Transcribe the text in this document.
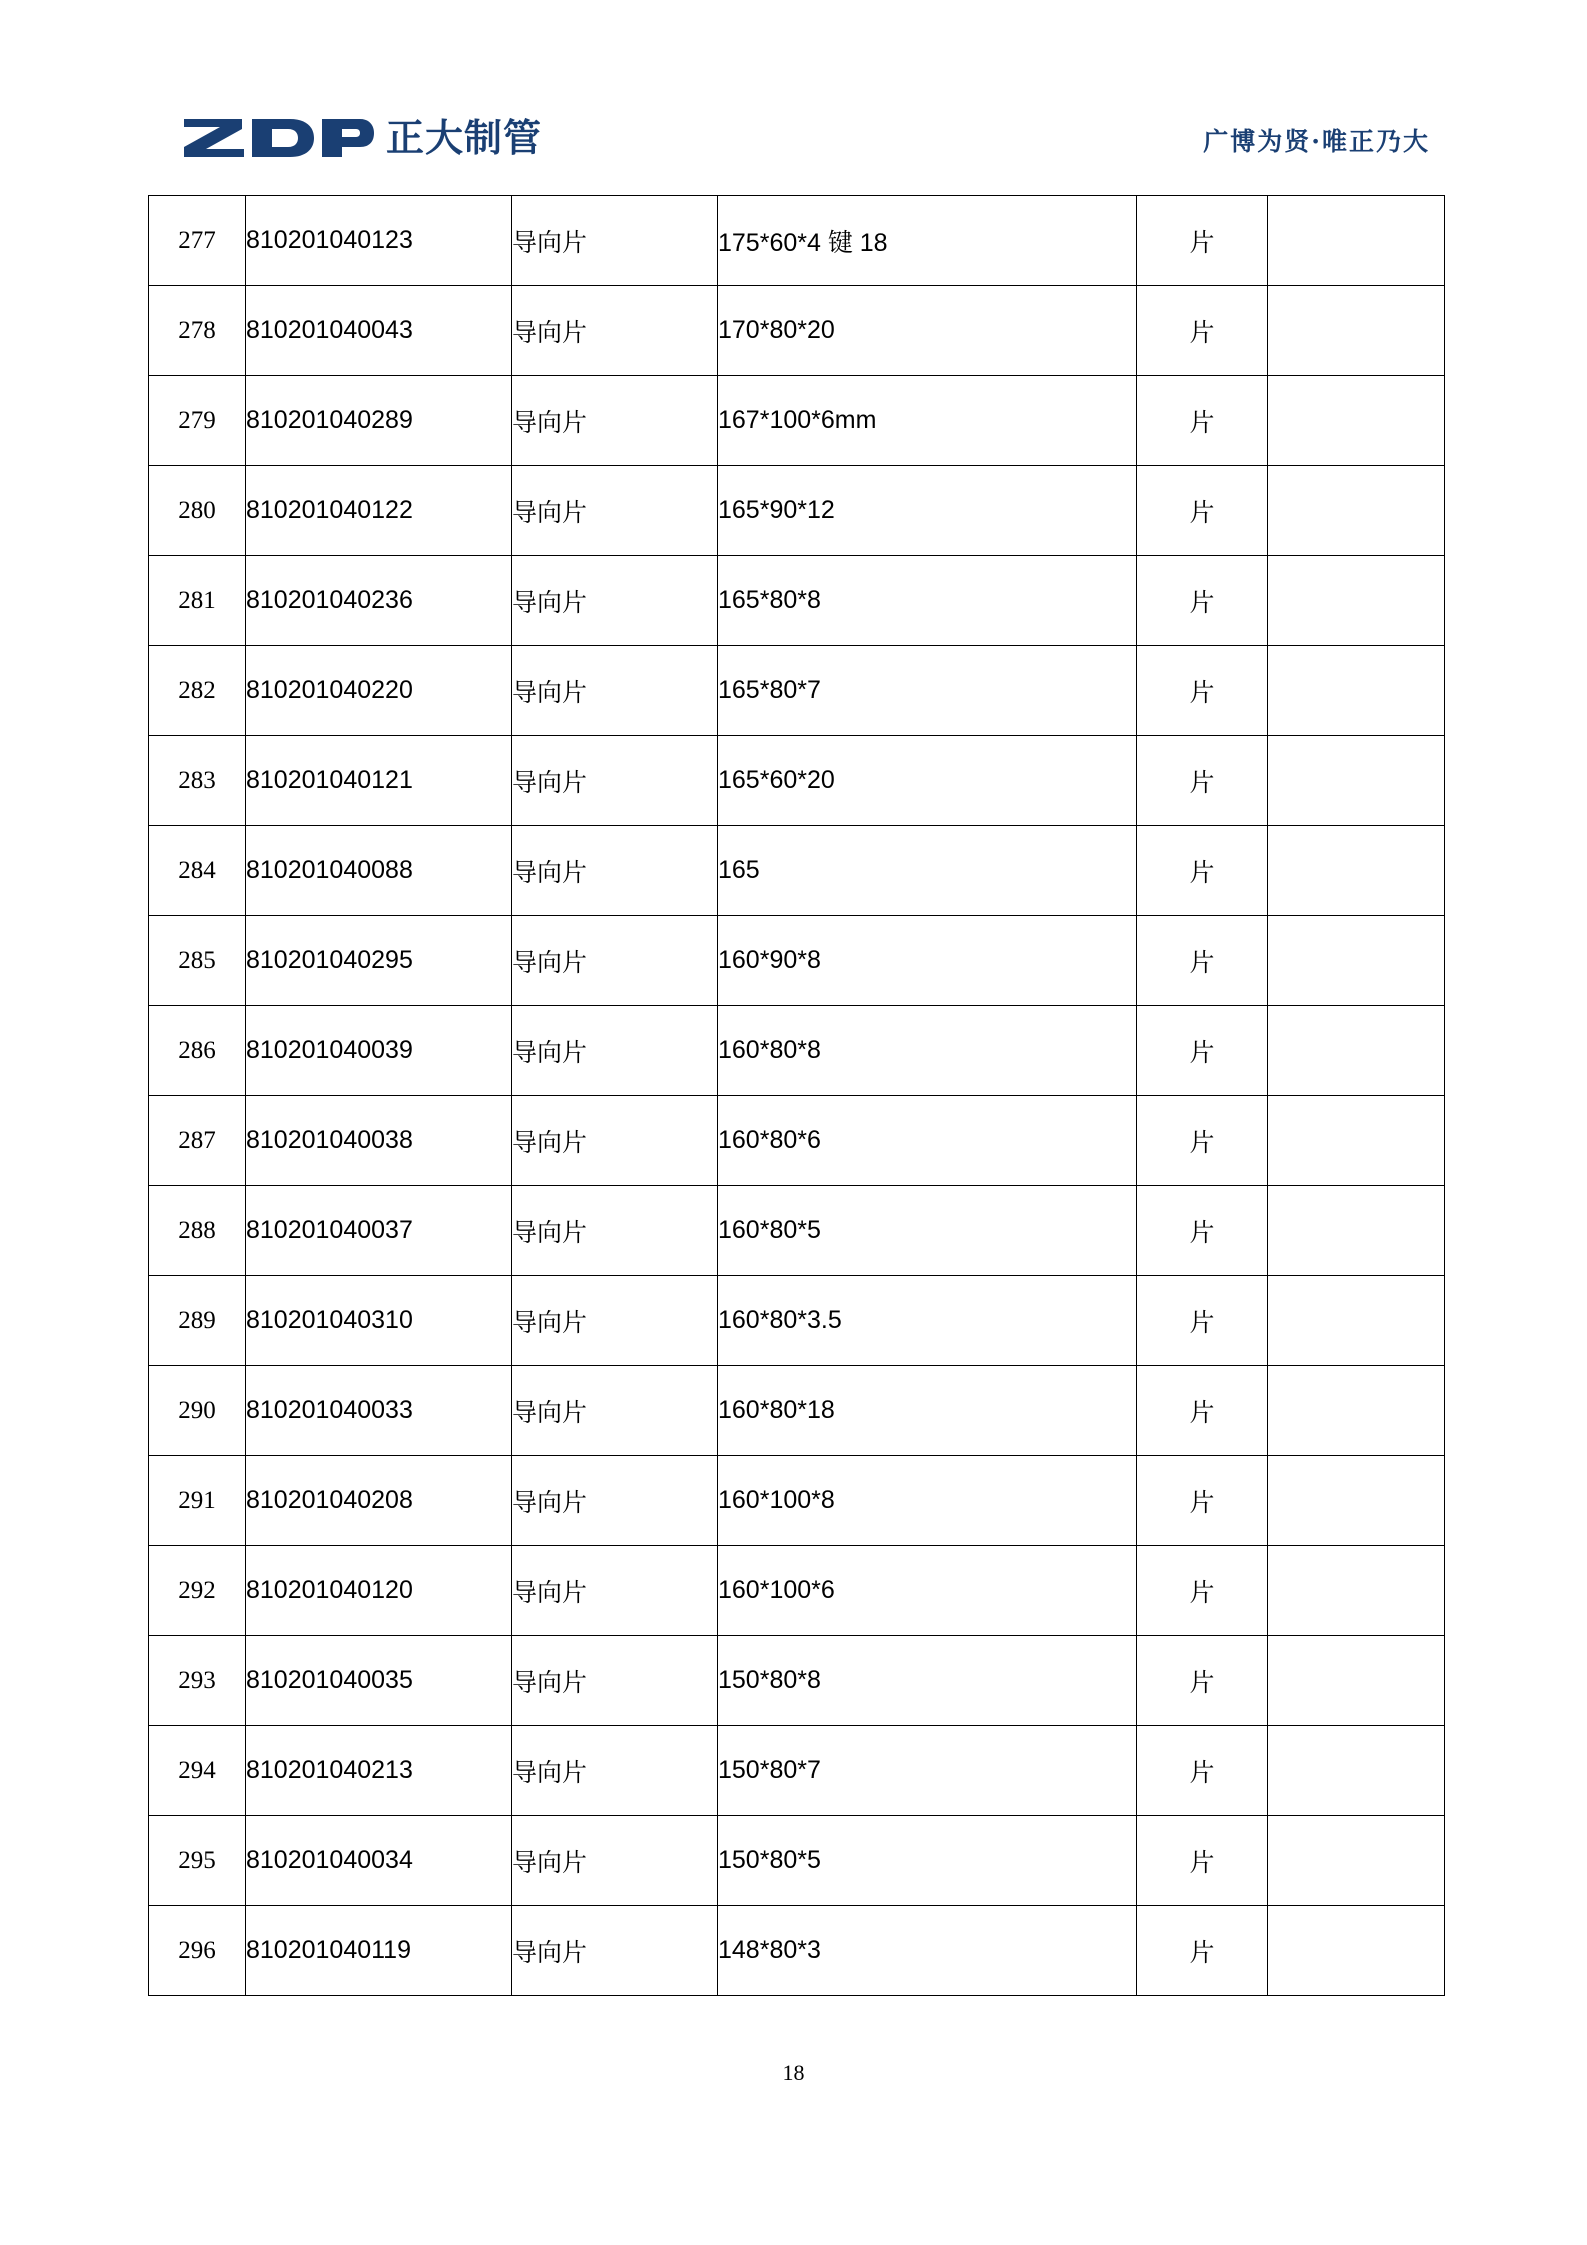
正大制管	广博为贤·唯正乃大
277	810201040123	导向片	175*60*4 键 18	片	
278	810201040043	导向片	170*80*20	片	
279	810201040289	导向片	167*100*6mm	片	
280	810201040122	导向片	165*90*12	片	
281	810201040236	导向片	165*80*8	片	
282	810201040220	导向片	165*80*7	片	
283	810201040121	导向片	165*60*20	片	
284	810201040088	导向片	165	片	
285	810201040295	导向片	160*90*8	片	
286	810201040039	导向片	160*80*8	片	
287	810201040038	导向片	160*80*6	片	
288	810201040037	导向片	160*80*5	片	
289	810201040310	导向片	160*80*3.5	片	
290	810201040033	导向片	160*80*18	片	
291	810201040208	导向片	160*100*8	片	
292	810201040120	导向片	160*100*6	片	
293	810201040035	导向片	150*80*8	片	
294	810201040213	导向片	150*80*7	片	
295	810201040034	导向片	150*80*5	片	
296	810201040119	导向片	148*80*3	片	
18
